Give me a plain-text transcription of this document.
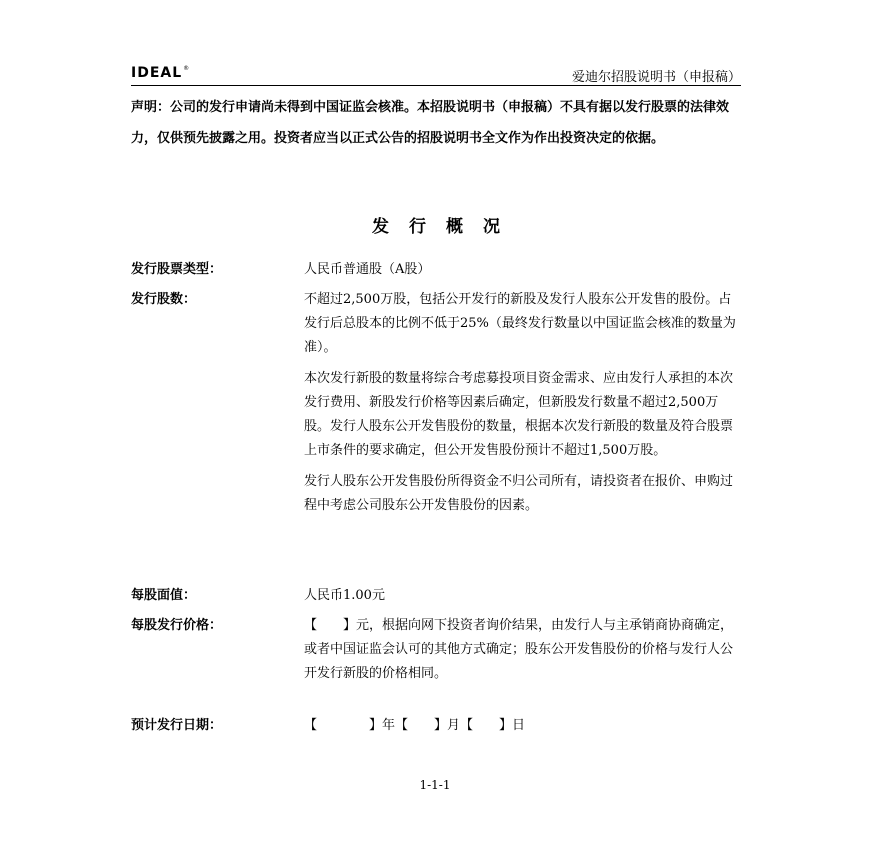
IDEAL®
爱迪尔招股说明书（申报稿）
声明：公司的发行申请尚未得到中国证监会核准。本招股说明书（申报稿）不具有据以发行股票的法律效力，仅供预先披露之用。投资者应当以正式公告的招股说明书全文作为作出投资决定的依据。
发行概况
发行股票类型：	人民币普通股（A股）

发行股数：	不超过2,500万股，包括公开发行的新股及发行人股东公开发售的股份。占发行后总股本的比例不低于25%（最终发行数量以中国证监会核准的数量为准）。

本次发行新股的数量将综合考虑募投项目资金需求、应由发行人承担的本次发行费用、新股发行价格等因素后确定，但新股发行数量不超过2,500万股。发行人股东公开发售股份的数量，根据本次发行新股的数量及符合股票上市条件的要求确定，但公开发售股份预计不超过1,500万股。

发行人股东公开发售股份所得资金不归公司所有，请投资者在报价、申购过程中考虑公司股东公开发售股份的因素。

每股面值：	人民币1.00元

每股发行价格：	【　　】元，根据向网下投资者询价结果，由发行人与主承销商协商确定，或者中国证监会认可的其他方式确定；股东公开发售股份的价格与发行人公开发行新股的价格相同。

预计发行日期：	【　　　　】年【　　】月【　　】日

1-1-1
